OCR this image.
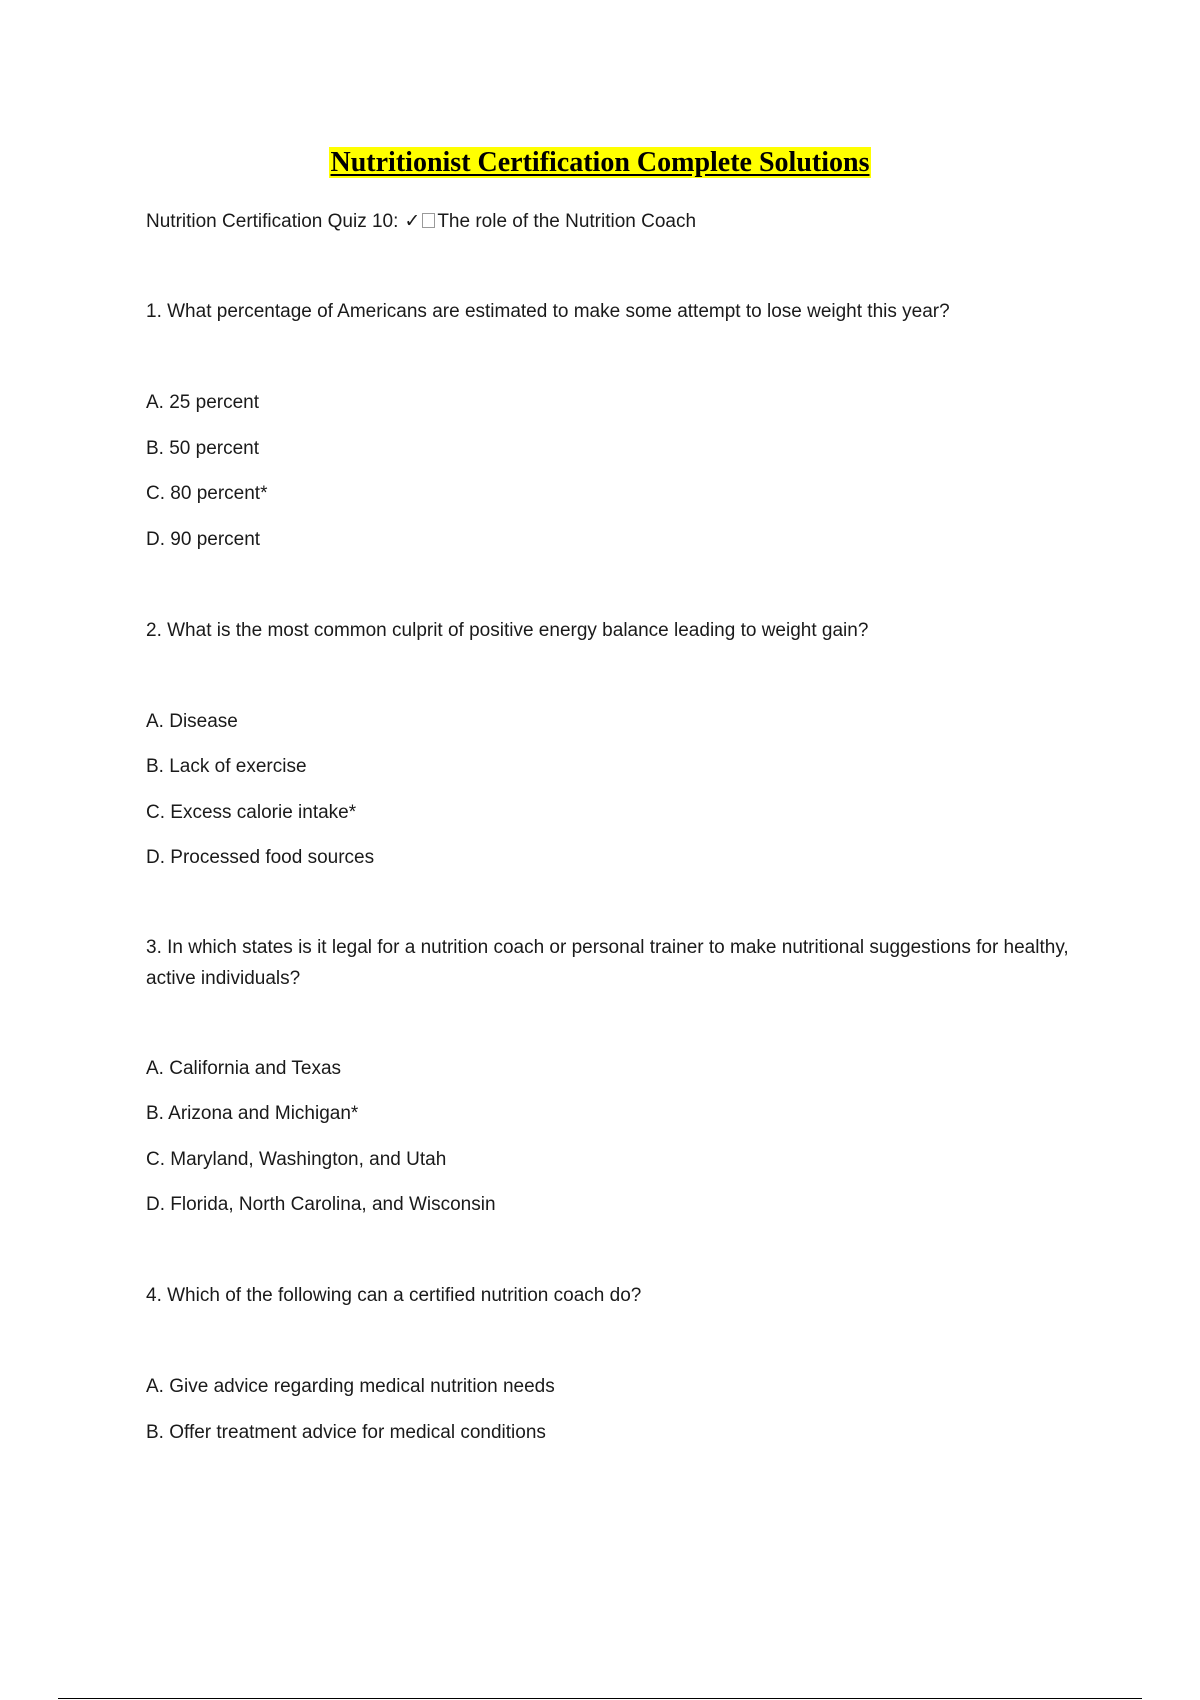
Nutritionist Certification Complete Solutions

Nutrition Certification Quiz 10: ✓ The role of the Nutrition Coach

1. What percentage of Americans are estimated to make some attempt to lose weight this year?

A. 25 percent

B. 50 percent

C. 80 percent*

D. 90 percent

2. What is the most common culprit of positive energy balance leading to weight gain?

A. Disease

B. Lack of exercise

C. Excess calorie intake*

D. Processed food sources

3. In which states is it legal for a nutrition coach or personal trainer to make nutritional suggestions for healthy, active individuals?

A. California and Texas

B. Arizona and Michigan*

C. Maryland, Washington, and Utah

D. Florida, North Carolina, and Wisconsin

4. Which of the following can a certified nutrition coach do?

A. Give advice regarding medical nutrition needs

B. Offer treatment advice for medical conditions
